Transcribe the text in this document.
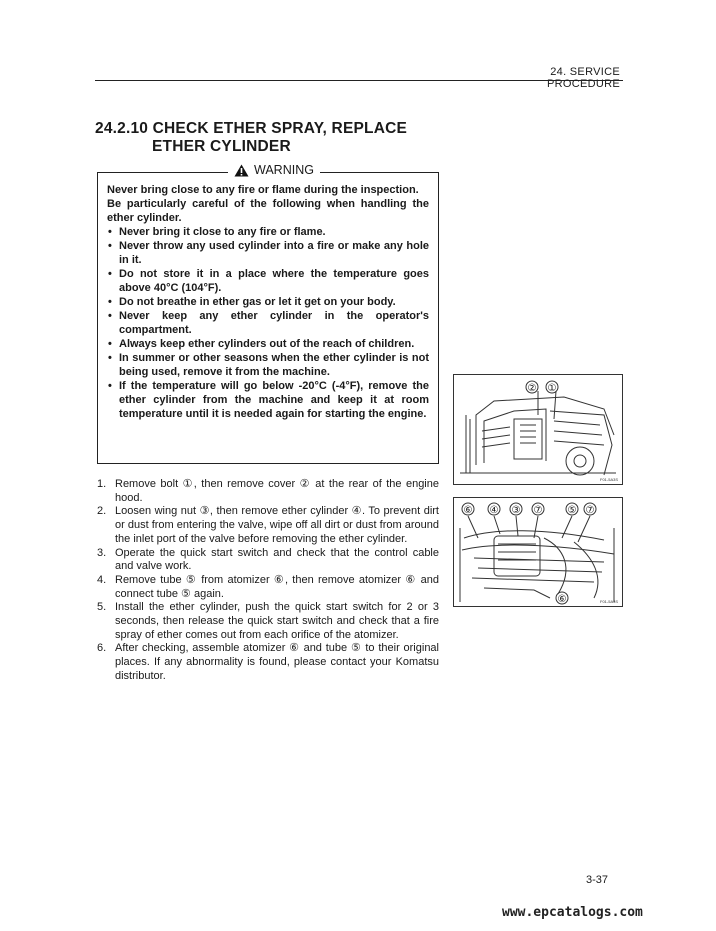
24. SERVICE PROCEDURE
24.2.10 CHECK ETHER SPRAY, REPLACE
ETHER CYLINDER
WARNING

Never bring close to any fire or flame during the inspection.

Be particularly careful of the following when handling the ether cylinder.

• Never bring it close to any fire or flame.
• Never throw any used cylinder into a fire or make any hole in it.
• Do not store it in a place where the temperature goes above 40°C (104°F).
• Do not breathe in ether gas or let it get on your body.
• Never keep any ether cylinder in the operator's compartment.
• Always keep ether cylinders out of the reach of children.
• In summer or other seasons when the ether cylinder is not being used, remove it from the machine.
• If the temperature will go below -20°C (-4°F), remove the ether cylinder from the machine and keep it at room temperature until it is needed again for starting the engine.
1. Remove bolt ①, then remove cover ② at the rear of the engine hood.
2. Loosen wing nut ③, then remove ether cylinder ④. To prevent dirt or dust from entering the valve, wipe off all dirt or dust from around the inlet port of the valve before removing the ether cylinder.
3. Operate the quick start switch and check that the control cable and valve work.
4. Remove tube ⑤ from atomizer ⑥, then remove atomizer ⑥ and connect tube ⑤ again.
5. Install the ether cylinder, push the quick start switch for 2 or 3 seconds, then release the quick start switch and check that a fire spray of ether comes out from each orifice of the atomizer.
6. After checking, assemble atomizer ⑥ and tube ⑤ to their original places. If any abnormality is found, please contact your Komatsu distributor.
② ①
F01-5A3S
⑥ ④ ③ ⑦	⑤ ⑦
⑥	F01-5A3S
3-37
www.epcatalogs.com
